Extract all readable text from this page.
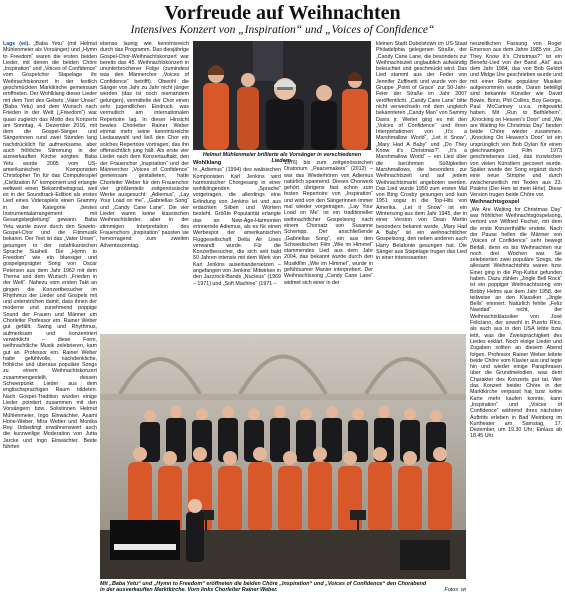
Vorfreude auf Weihnachten
Intensives Konzert von „Inspiration“ und „Voices of Confidence“

Lage (wi). „Baba Yetu“ (mit Helmut Mühlenmeier als Vorsänger) und „Hymn to Freedom“ waren die ersten beiden Lieder, mit denen die beiden Chöre „Inspiration“ und „Voices of Confidence“ vom Gospelchor Stapelage ihr Weihnachtskonzert in der festlich geschmückten Marktkirche gemeinsam eröffneten. Der Wohlklang dieser Lieder mit dem Text des Gebets „Vater Unser“ (Baba Yetu) und dem Wunsch nach Frieden in der Welt („Freedom“) war quasi zugleich das Motto des Konzerts am Sonntag, 4. Dezember 2016, mit dem die Gospel-Sänger und Sängerinnen rund zwei Stunden lang nachdrücklich für aufmerksame, aber auch fröhliche Stimmung in der ausverkauften Kirche sorgten. Baba Yetu wurde 2005 vom US-amerikanischen Komponisten Christopher Tin für das Computerspiel „Civilization IV“ komponiert und erlangte weltweit einen Bekanntheitsgrad, weil es in der Soundtrack-Edition als erstes Lied eines Videospiels einen Grammy in der Kategorie „bestes Instrumentalarrangement mit Gesangsbegleitung“ gewann. Baba Yetu wurde zuvor durch den Soweto-Gospel-Chor und die Filmmusik bekannt. Der Text ist das „Vater Unser“, gesungen in der ostafrikanischen Sprache Suaheli. Die „Hymn to Freedom“ wie ein bluesiger und gospelgeprägter Song von Oscar Peterson aus dem Jahr 1962 mit dem Thema und dem Wunsch „Frieden in der Welt“. Nahezu vom ersten Takt an gingen die Konzertbesucher im Rhythmus der Lieder und Gospels mit und unterstrichen damit, dass ihnen der moderne und zunehmend poppige Sound der Frauen und Männer um Chorleiter Professor em. Rainer Weber gut gefällt. Swing und Rhythmus, aufmerksam und konzentriert verwirklicht – diese Form, weihnachtliche Musik zelebrieren, kam gut an. Professor em. Rainer Weber hatte gefühlvolle, nachdenkliche, fröhliche und überaus populäre Songs zu einem Weihnachtskonzert zusammengestellt, dessen Schwerpunkt Lieder aus dem englischsprachigen Raum bildeten. Nach Gospel-Tradition wurden einige Lieder pointiert zusammen mit den Vorsängern bzw. Solistinnen Helmut Mühlenmeier, Ingo Einwächter, Asami Horie-Weber, Mira Weber und Monika Rey. Unbedingt erwähnenswert auch die kurzweilige Moderation von Jutta Jarcke und Ingo Einwächter. Beide führten

ebenso launig wie kenntnisreich durch das Programm. Das diesjährige Gospel-Chor-Weihnachtskonzert war bereits das 45. Weihnachtskonzert in ununterbrochener Folge (zumindest was den Männerchor „Voices of Confidence“ betrifft). Obwohl die Sänger von Jahr zu Jahr nicht jünger werden (das ist noch niemandem gelungen), vermittelte der Chor einen sehr jugendlichen Eindruck, was vermutlich am internationalen Repertoire lag. In dieser Hinsicht bewies Chorleiter Rainer Weber einmal mehr seine kenntnisreiche Liedauswahl und ließ den Chor ein solches Repertoire vortragen, das ihn offensichtlich jung hält. Als erste vier Lieder nach dem Konzertauftakt, den der Frauenchor „Inspiration“ und der Männerchor „Voices of Confidence“ gemeinsam gestalteten, hatte Chorleiter Weber für den Frauenchor vier größtenteils zeitgenössische Werke ausgesucht: „Adiemus“, „Lay Your Load on me“, „Gabriellas Song“ und „Candy Cane Lane“. Die vier Lieder waren keine klassischen Weihnachtslieder, aber in der stimmigen Interpretation des Frauenchors „Inspiration“ passten sie hervorragend zum zweiten Adventssonntag.

Helmut Mühlenmeier brillierte als Vorsänger in verschiedenen Liedern.

Wohlklang

In „Adiemus“ (1994) des walisischen Komponisten Karl Jenkins wird harmonischer Chorgesang in einer wohlklingenden „Sprache“ vorgetragen, die allerdings eine Erfindung von Jenkins ist und aus erdachten Silben und Wörtern besteht. Größte Popularität erlangte das an New-Age-Harmonien erinnernde Adiemus, als es für einen Werbespot der amerikanischen Fluggesellschaft Delta Air Lines verwandt wurde. Für die Konzertbesucher, die sich seit bald 50 Jahren intensiv mit dem Werk von Karl Jenkins auseinandersetzen – angefangen von Jenkins’ Mitwirken in den Jazzrock-Bands „Nucleus“ (1969 – 1971) und „Soft Machine“ (1971 –

1976) bis zum zeitgenössischen Oratorium „Peacemakers“ (2012) – war das Wiederhören von Adiemus natürlich spannend. Dieses Chorwerk gehört übrigens fast schon zum festen Repertoire von „Inspiration“ und wird von den Sängerinnen immer mal wieder vorgetragen. „Lay Your Load on Me“ ist ein traditioneller weihnachtlicher Gospelsong nach einem Chorsatz von Susanne Schempp. Der anschließende „Gabriellas Song“, ein aus den Schwedischen Film „Wie im Himmel“ stammendes Lied aus dem Jahr 2004, das bekannt wurde durch den Musikfilm „Wie im Himmel“, wurde in gefühlsamer Manier interpretiert. Der Weihnachtssong „Candy Cane Lane“ widmet sich einer in der

kleinen Stadt Duboistown im US-Staat Philadelphia gelegenen Straße, der „Candy Cane Lane, die besonders zur Weihnachtszeit unglaublich aufwändig beleuchtet und geschmückt wird. Das Lied stammt aus der Feder von Jennifer Zuffinetti und wurde von der Gruppe „Point of Grace“ zur 50-Jahr-Feier der Straße im Jahr 2007 veröffentlicht. „Candy Cane Lane“ bitte nicht verwechseln mit dem ungleich bekannteren „Candy Man“ von Sammy Davis jr. Weiter ging es mit den „Voices of Confidence“ und ihren Interpretationen von „It’s a Marshmallow World“, „Let it Snow“, „Mary Had A Baby“ und „Do They Know it’s Christmas?“. „It’s a Marshmallow World“ – ein Lied über die berühmten Süßigkeiten Marshmallows, die besonders zur Weihnachtszeit und auf jedem Weihnachtsmarkt angeboten werden. Das Lied wurde 1950 zum ersten Mal von Bing Crosby gesungen und kam 1951 sogar in die Top-Hits von Amerika. „Let it Snow“ ist ein Wintersong aus dem Jahr 1945, der in einer Version von Dean Martin besonders bekannt wurde. „Mary Had A Baby“ ist ein weihnachtlicher Gospelsong, den neben anderen auch Harry Belafonte gesungen hat. Die Sänger aus Stapelage trugen das Lied in einer interessanten

neuzeitlichen Fassung von Roger Emerson aus dem Jahre 1985 vor. „Do They Know it’s Christmas?“ ist ein Benefiz-Lied von der Band „Aid“ aus dem Jahr 1984, das von Bob Geldof und Midge Ure geschrieben wurde und mit einer Reihe populärer Musiker aufgenommen wurde. Daran beteiligt sind bekannte Künstler wie David Bowie, Bono, Phil Collins, Boy George, Paul McCartney u.v.a. mitgewirkt haben. Mit „Run to Bethlehem“, „Knocking on Heaven’s Door“ und „We are Waiting for Christmas Day“ fanden beide Chöre wieder zusammen. „Knocking On Heaven’s Door“ ist ein ursprünglich von Bob Dylan für einen gleichnamigen Film 1973 geschriebenes Lied, das inzwischen von vielen Künstlern gecovert wurde. Später wurde der Song ergänzt durch eine neue Strophe und durch zwischenzeitlich mit Texten aus 23. Psalms (Der Herr ist mein Hirte). Diese Version trugen beide Chöre vor.

Weihnachtsgospel

„We Are Waiting for Christmas Day“ war fröhlicher Weihnachtsgospelsong, vertont von Wilfried Fischer, mit dem die erste Konzerthälfte endete. Nach der Pause hellen die Männer von „Voices of Confidence“ sehr bewegt Beifall, denn es bis Weihnachten nur noch drei Wochen war. Sie zelebrierten zwei populäre Songs, die allesamt Weihnachtshits waren bzw. Einer ging in die Pop-Kultur gefunden haben. Dazu zählen „Jingle Bell Rock“ ist ein poppiger Weihnachtssong von Bobby Helms aus dem Jahr 1958, der teilweise an den Klassiker „Jingle Bells“ erinnert. Natürlich fehlte „Feliz Navidad“ nicht, der Weihnachtsklassiker von José Feliciano, der sowohl in Puerto Rico, als auch aus in den USA lebte bzw. lebt, was die Zweisprachigkeit des Liedes erklärt. Noch einige Lieder und Zugaben sollten an diesem Abend folgen. Professor Rainer Weber leitete beide Chöre vom Klavier aus und legte hin und wieder einige Paraphrasen über die Grundmelodien, was dem Charakter des Konzerts gut tat. Wer das Konzert beider Chöre in der Marktkirche verpasst hat bzw. keine Karte mehr kaufen konnte, kann „Inspiration“ und „Voices of Confidence“ während ihres nächsten Auftritts erleben in Bad Meinberg im Kurtheater am Samstag, 17. Dezember, um 19.30 Uhr; Einlass ab 18.45 Uhr.

Mit „Baba Yetu“ und „Hymn to Freedom“ eröffneten die beiden Chöre „Inspiration“ und „Voices of Confidence“ den Chorabend in der ausverkauften Marktkirche. Vorn links Chorleiter Rainer Weber.	Fotos: wi
